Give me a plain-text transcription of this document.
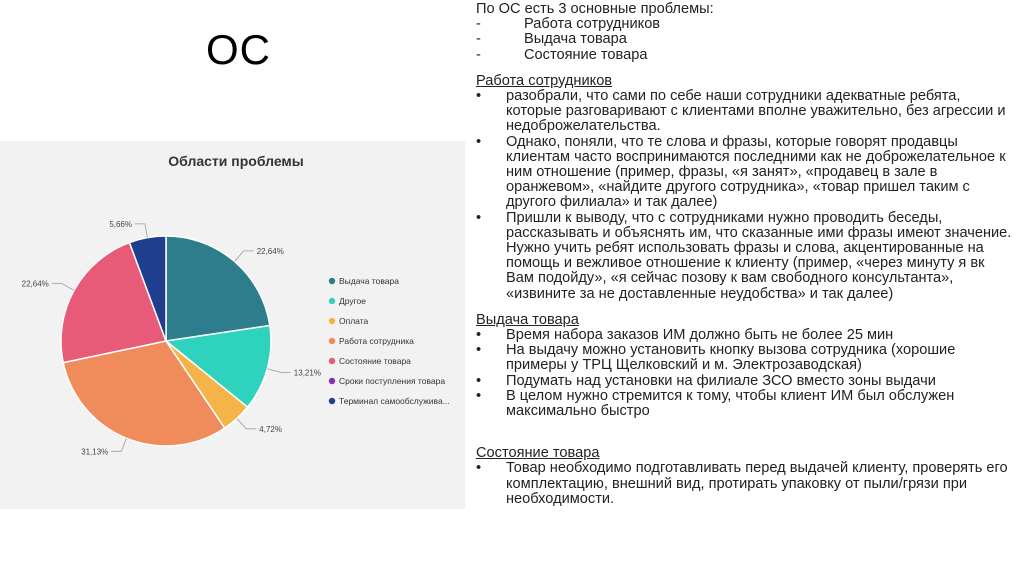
ОС
Области проблемы
22,64%
13,21%
4,72%
31,13%
22,64%
5,66%
Выдача товара
Другое
Оплата
Работа сотрудника
Состояние товара
Сроки поступления товара
Терминал самообслужива...
По ОС есть 3 основные проблемы:
-	Работа сотрудников
-	Выдача товара
-	Состояние товара
Работа сотрудников
•	разобрали, что сами по себе наши сотрудники адекватные ребята, которые разговаривают с клиентами вполне уважительно, без агрессии и недоброжелательства.
•	Однако, поняли, что те слова и фразы, которые говорят продавцы клиентам часто воспринимаются последними как не доброжелательное к ним отношение (пример, фразы, «я занят», «продавец в зале в оранжевом», «найдите другого сотрудника», «товар пришел таким с другого филиала» и так далее)
•	Пришли к выводу, что с сотрудниками нужно проводить беседы, рассказывать и объяснять им, что сказанные ими фразы имеют значение. Нужно учить ребят использовать фразы и слова, акцентированные на помощь и вежливое отношение к клиенту (пример, «через минуту я вк Вам подойду», «я сейчас позову к вам свободного консультанта», «извините за не доставленные неудобства» и так далее)
Выдача товара
•	Время набора заказов ИМ должно быть не более 25 мин
•	На выдачу можно установить кнопку вызова сотрудника (хорошие примеры у ТРЦ Щелковский и м. Электрозаводская)
•	Подумать над установки на филиале ЗСО вместо зоны выдачи
•	В целом нужно стремится к тому, чтобы клиент ИМ был обслужен максимально быстро
Состояние товара
•	Товар необходимо подготавливать перед выдачей клиенту, проверять его комплектацию, внешний вид, протирать упаковку от пыли/грязи при необходимости.
